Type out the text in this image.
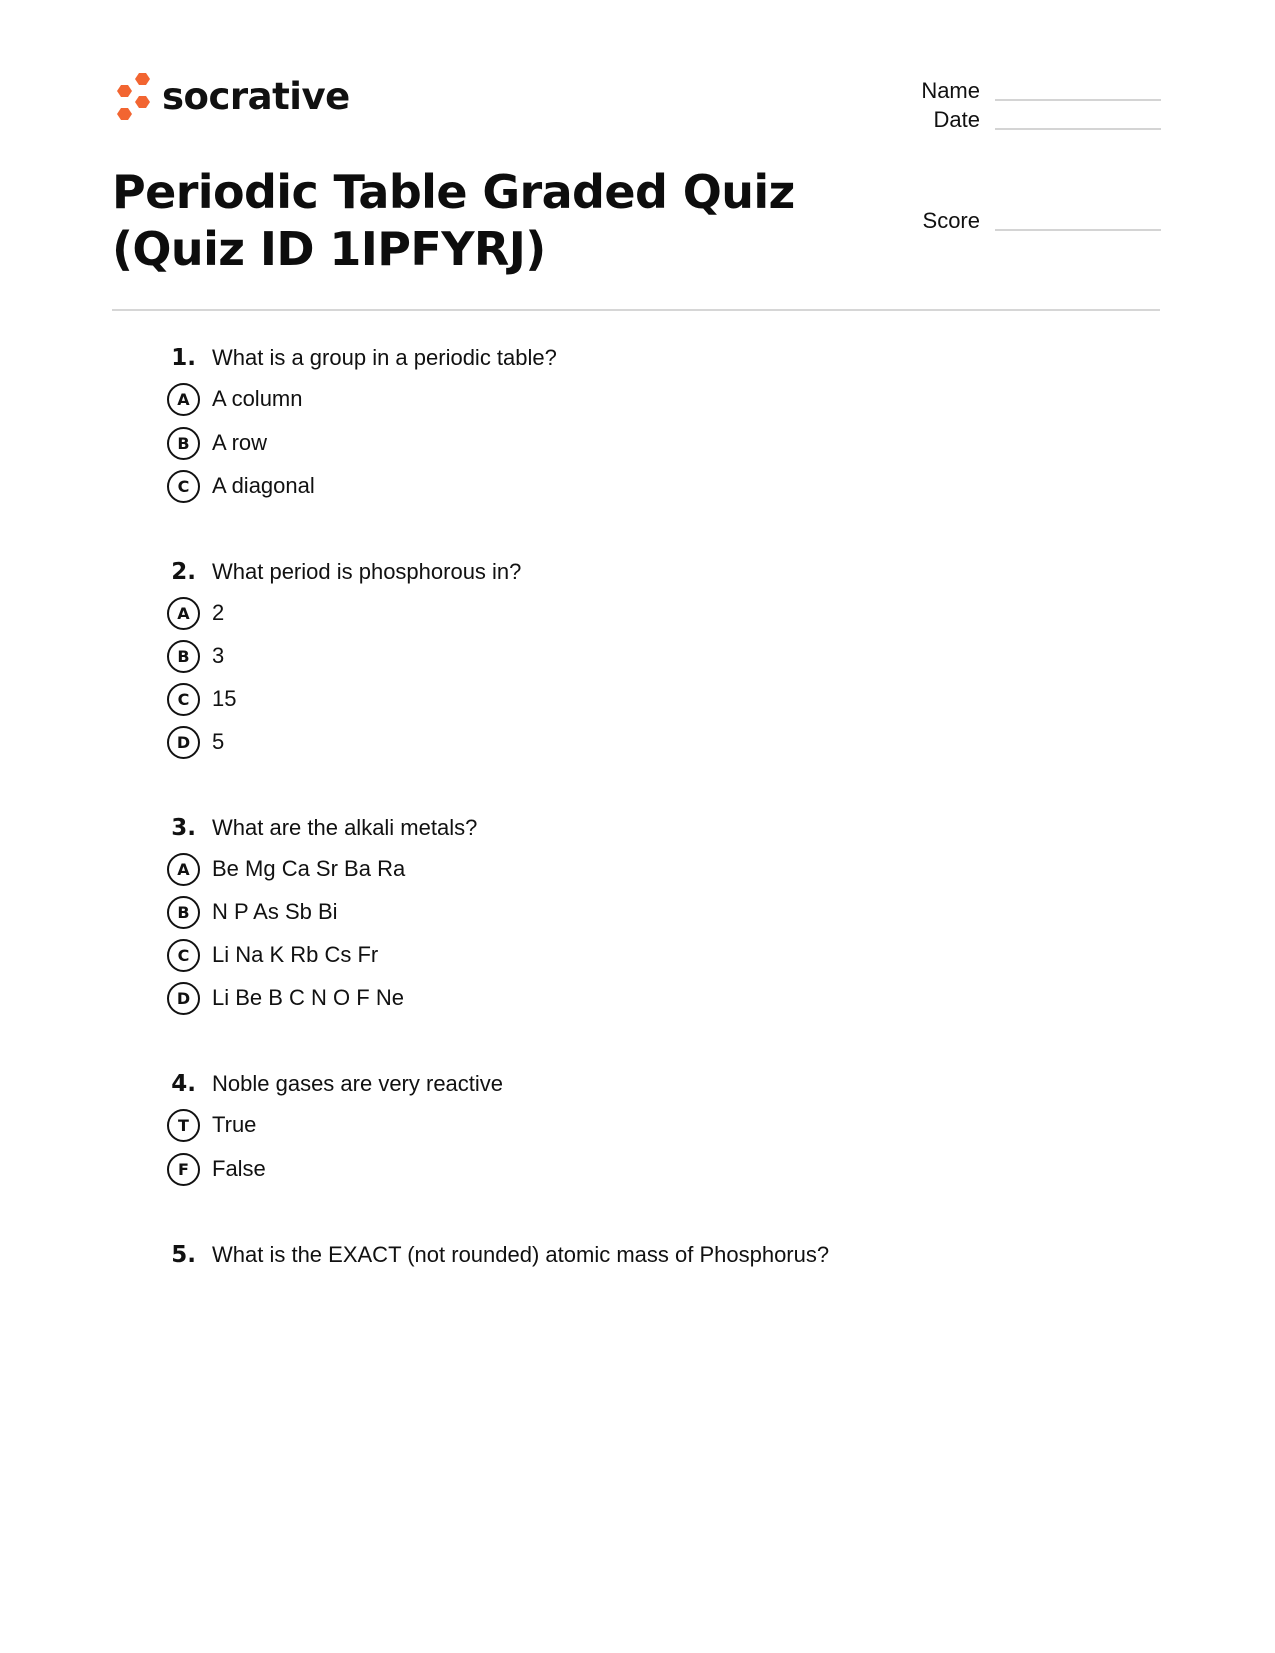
socrative	Name
Date
Score
Periodic Table Graded Quiz (Quiz ID 1IPFYRJ)
1. What is a group in a periodic table?
A	A column
B	A row
C	A diagonal
2. What period is phosphorous in?
A	2
B	3
C	15
D 5
3. What are the alkali metals?
A	Be Mg Ca Sr Ba Ra
B	N P As Sb Bi
C	Li Na K Rb Cs Fr
D Li Be B C N O F Ne
4. Noble gases are very reactive
T	True
F	False
5. What is the EXACT (not rounded) atomic mass of Phosphorus?
